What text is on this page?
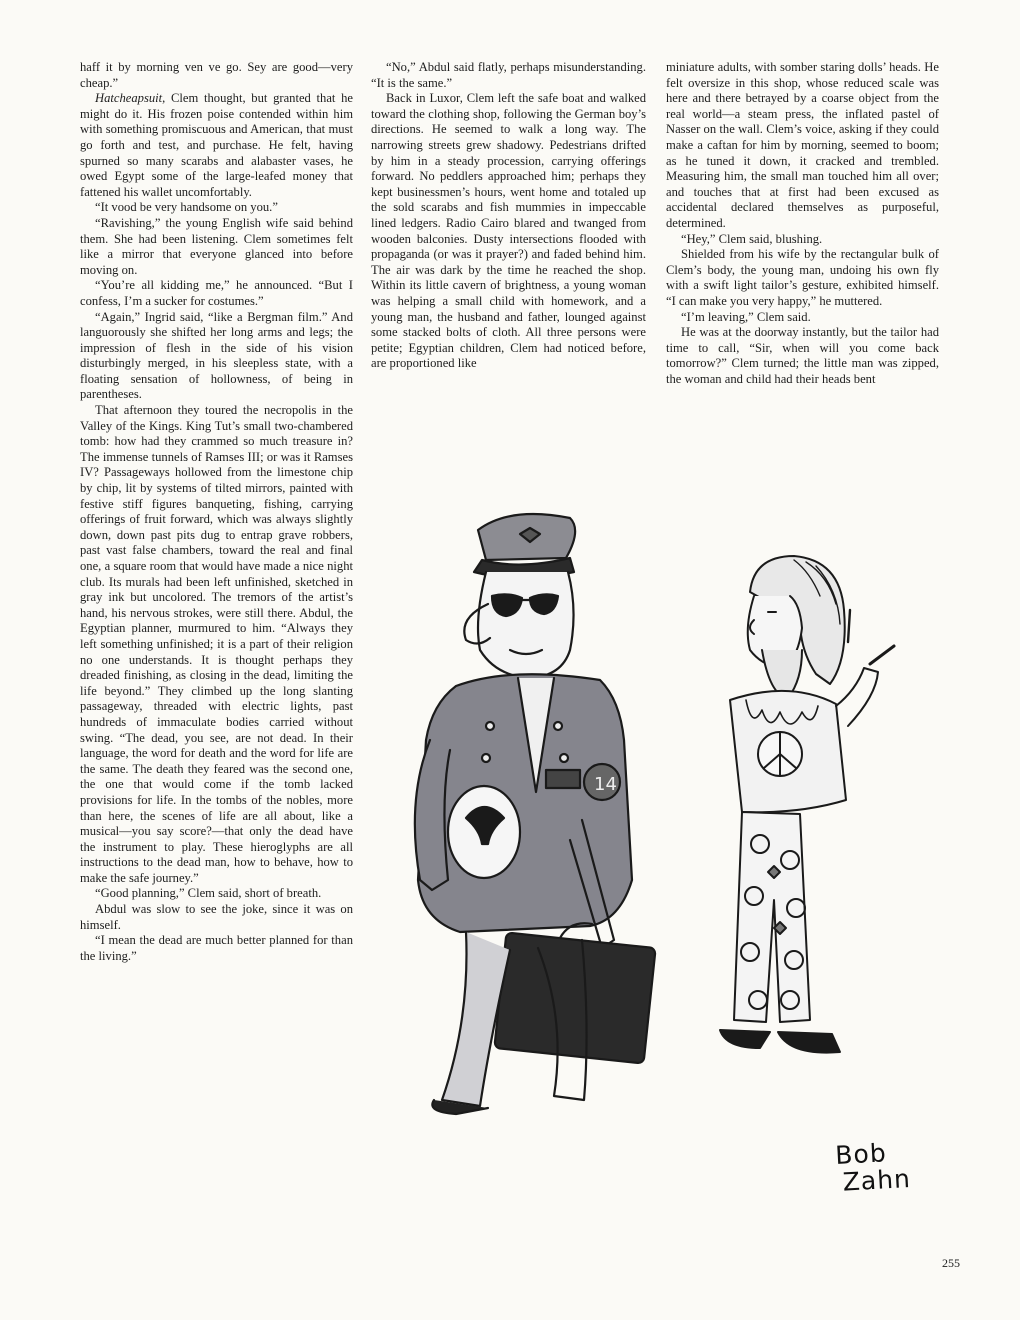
haff it by morning ven ve go. Sey are good—very cheap.”

Hatcheapsuit, Clem thought, but granted that he might do it. His frozen poise contended within him with something promiscuous and American, that must go forth and test, and purchase. He felt, having spurned so many scarabs and alabaster vases, he owed Egypt some of the large-leafed money that fattened his wallet uncomfortably.

“It vood be very handsome on you.”

“Ravishing,” the young English wife said behind them. She had been listening. Clem sometimes felt like a mirror that everyone glanced into before moving on.

“You’re all kidding me,” he announced. “But I confess, I’m a sucker for costumes.”

“Again,” Ingrid said, “like a Bergman film.” And languorously she shifted her long arms and legs; the impression of flesh in the side of his vision disturbingly merged, in his sleepless state, with a floating sensation of hollowness, of being in parentheses.

That afternoon they toured the necropolis in the Valley of the Kings. King Tut’s small two-chambered tomb: how had they crammed so much treasure in? The immense tunnels of Ramses III; or was it Ramses IV? Passageways hollowed from the limestone chip by chip, lit by systems of tilted mirrors, painted with festive stiff figures banqueting, fishing, carrying offerings of fruit forward, which was always slightly down, down past pits dug to entrap grave robbers, past vast false chambers, toward the real and final one, a square room that would have made a nice night club. Its murals had been left unfinished, sketched in gray ink but uncolored. The tremors of the artist’s hand, his nervous strokes, were still there. Abdul, the Egyptian planner, murmured to him. “Always they left something unfinished; it is a part of their religion no one understands. It is thought perhaps they dreaded finishing, as closing in the dead, limiting the life beyond.” They climbed up the long slanting passageway, threaded with electric lights, past hundreds of immaculate bodies carried without swing. “The dead, you see, are not dead. In their language, the word for death and the word for life are the same. The death they feared was the second one, the one that would come if the tomb lacked provisions for life. In the tombs of the nobles, more than here, the scenes of life are all about, like a musical—you say score?—that only the dead have the instrument to play. These hieroglyphs are all instructions to the dead man, how to behave, how to make the safe journey.”

“Good planning,” Clem said, short of breath.

Abdul was slow to see the joke, since it was on himself.

“I mean the dead are much better planned for than the living.”

“No,” Abdul said flatly, perhaps misunderstanding. “It is the same.”

Back in Luxor, Clem left the safe boat and walked toward the clothing shop, following the German boy’s directions. He seemed to walk a long way. The narrowing streets grew shadowy. Pedestrians drifted by him in a steady procession, carrying offerings forward. No peddlers approached him; perhaps they kept businessmen’s hours, went home and totaled up the sold scarabs and fish mummies in impeccable lined ledgers. Radio Cairo blared and twanged from wooden balconies. Dusty intersections flooded with propaganda (or was it prayer?) and faded behind him. The air was dark by the time he reached the shop. Within its little cavern of brightness, a young woman was helping a small child with homework, and a young man, the husband and father, lounged against some stacked bolts of cloth. All three persons were petite; Egyptian children, Clem had noticed before, are proportioned like

miniature adults, with somber staring dolls’ heads. He felt oversize in this shop, whose reduced scale was here and there betrayed by a coarse object from the real world—a steam press, the inflated pastel of Nasser on the wall. Clem’s voice, asking if they could make a caftan for him by morning, seemed to boom; as he tuned it down, it cracked and trembled. Measuring him, the small man touched him all over; and touches that at first had been excused as accidental declared themselves as purposeful, determined.

“Hey,” Clem said, blushing.

Shielded from his wife by the rectangular bulk of Clem’s body, the young man, undoing his own fly with a swift light tailor’s gesture, exhibited himself. “I can make you very happy,” he muttered.

“I’m leaving,” Clem said.

He was at the doorway instantly, but the tailor had time to call, “Sir, when will you come back tomorrow?” Clem turned; the little man was zipped, the woman and child had their heads bent

14
Bob
Zahn
255
